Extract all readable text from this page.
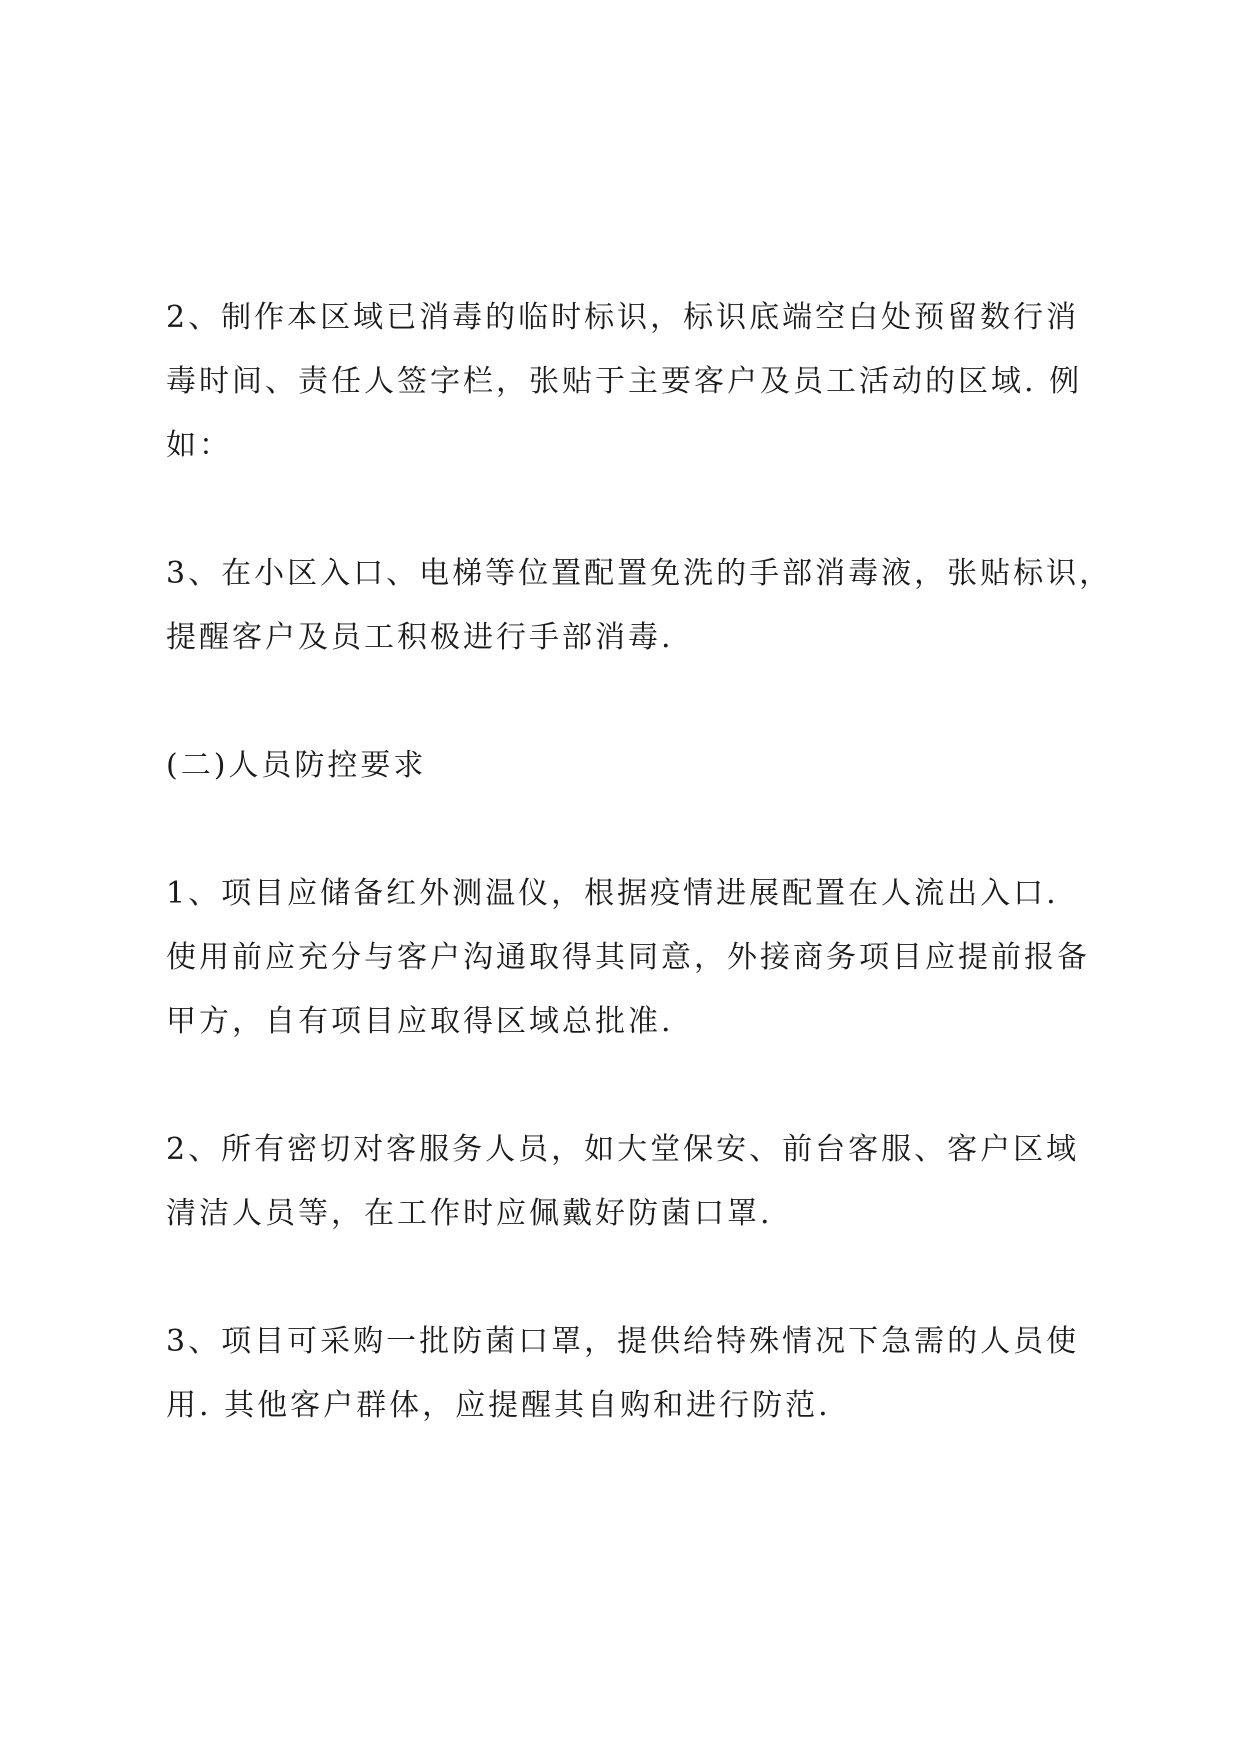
2、制作本区域已消毒的临时标识，标识底端空白处预留数行消
毒时间、责任人签字栏，张贴于主要客户及员工活动的区域. 例
如：
3、在小区入口、电梯等位置配置免洗的手部消毒液，张贴标识，
提醒客户及员工积极进行手部消毒.
(二)人员防控要求
1、项目应储备红外测温仪，根据疫情进展配置在人流出入口.
使用前应充分与客户沟通取得其同意，外接商务项目应提前报备
甲方，自有项目应取得区域总批准.
2、所有密切对客服务人员，如大堂保安、前台客服、客户区域
清洁人员等，在工作时应佩戴好防菌口罩.
3、项目可采购一批防菌口罩，提供给特殊情况下急需的人员使
用. 其他客户群体，应提醒其自购和进行防范.
